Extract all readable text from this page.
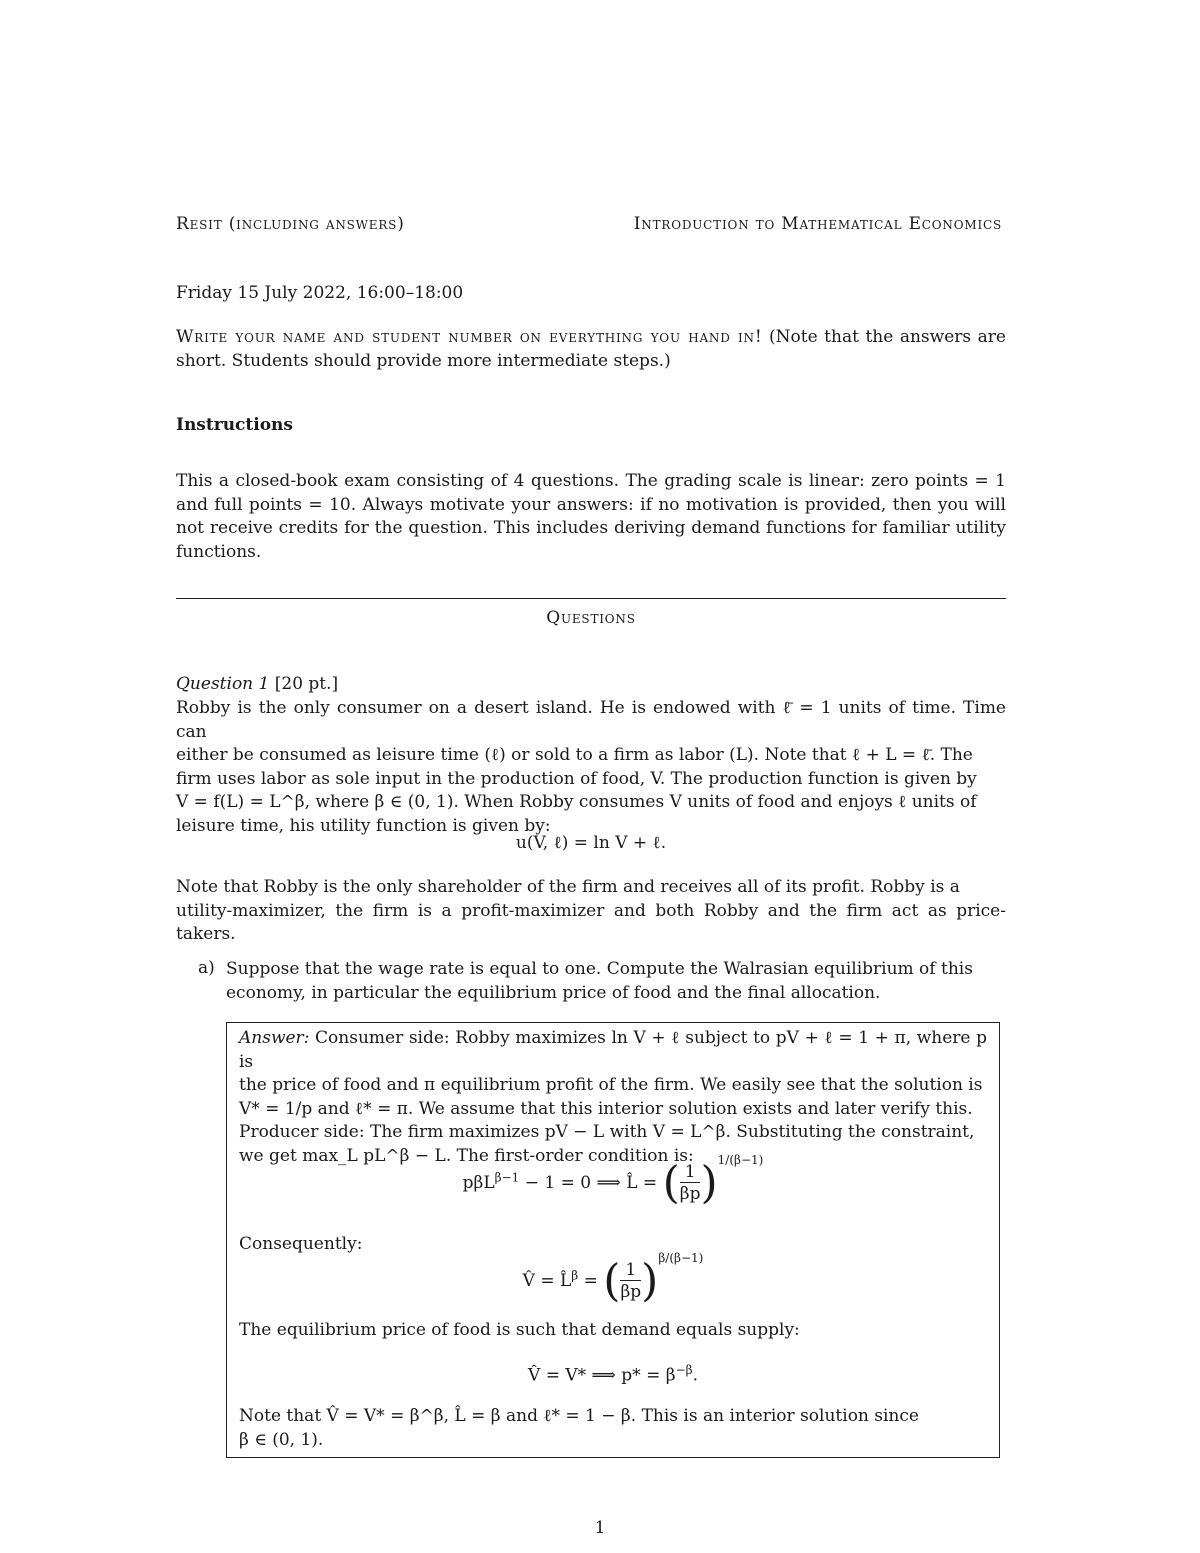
Resit (including answers)	Introduction to Mathematical Economics
Friday 15 July 2022, 16:00–18:00
Write your name and student number on everything you hand in! (Note that the answers are short. Students should provide more intermediate steps.)
Instructions
This a closed-book exam consisting of 4 questions. The grading scale is linear: zero points = 1 and full points = 10. Always motivate your answers: if no motivation is provided, then you will not receive credits for the question. This includes deriving demand functions for familiar utility functions.
Questions
Question 1 [20 pt.]
Robby is the only consumer on a desert island. He is endowed with ℓ̄ = 1 units of time. Time can
either be consumed as leisure time (ℓ) or sold to a firm as labor (L). Note that ℓ + L = ℓ̄. The
firm uses labor as sole input in the production of food, V. The production function is given by
V = f(L) = L^β, where β ∈ (0, 1). When Robby consumes V units of food and enjoys ℓ units of
leisure time, his utility function is given by:
u(V, ℓ) = ln V + ℓ.
Note that Robby is the only shareholder of the firm and receives all of its profit. Robby is a
utility-maximizer, the firm is a profit-maximizer and both Robby and the firm act as price-takers.
a) Suppose that the wage rate is equal to one. Compute the Walrasian equilibrium of this
economy, in particular the equilibrium price of food and the final allocation.
Answer: Consumer side: Robby maximizes ln V + ℓ subject to pV + ℓ = 1 + π, where p is
the price of food and π equilibrium profit of the firm. We easily see that the solution is
V* = 1/p and ℓ* = π. We assume that this interior solution exists and later verify this.
Producer side: The firm maximizes pV − L with V = L^β. Substituting the constraint,
we get max_L pL^β − L. The first-order condition is:
pβL$^{\beta-1}$ − 1 = 0 ⟹ L̂ = ( $\frac{1}{\beta p} )^{1/(\beta-1)}$
Consequently:
V̂ = L̂$^\beta$ = ( $\frac{1}{\beta p} )^{\beta/(\beta-1)}$
The equilibrium price of food is such that demand equals supply:
V̂ = V* ⟹ $p* = \beta^{-\beta}$.
Note that V̂ = V* = β^β, L̂ = β and ℓ* = 1 − β. This is an interior solution since
β ∈ (0, 1).
1
